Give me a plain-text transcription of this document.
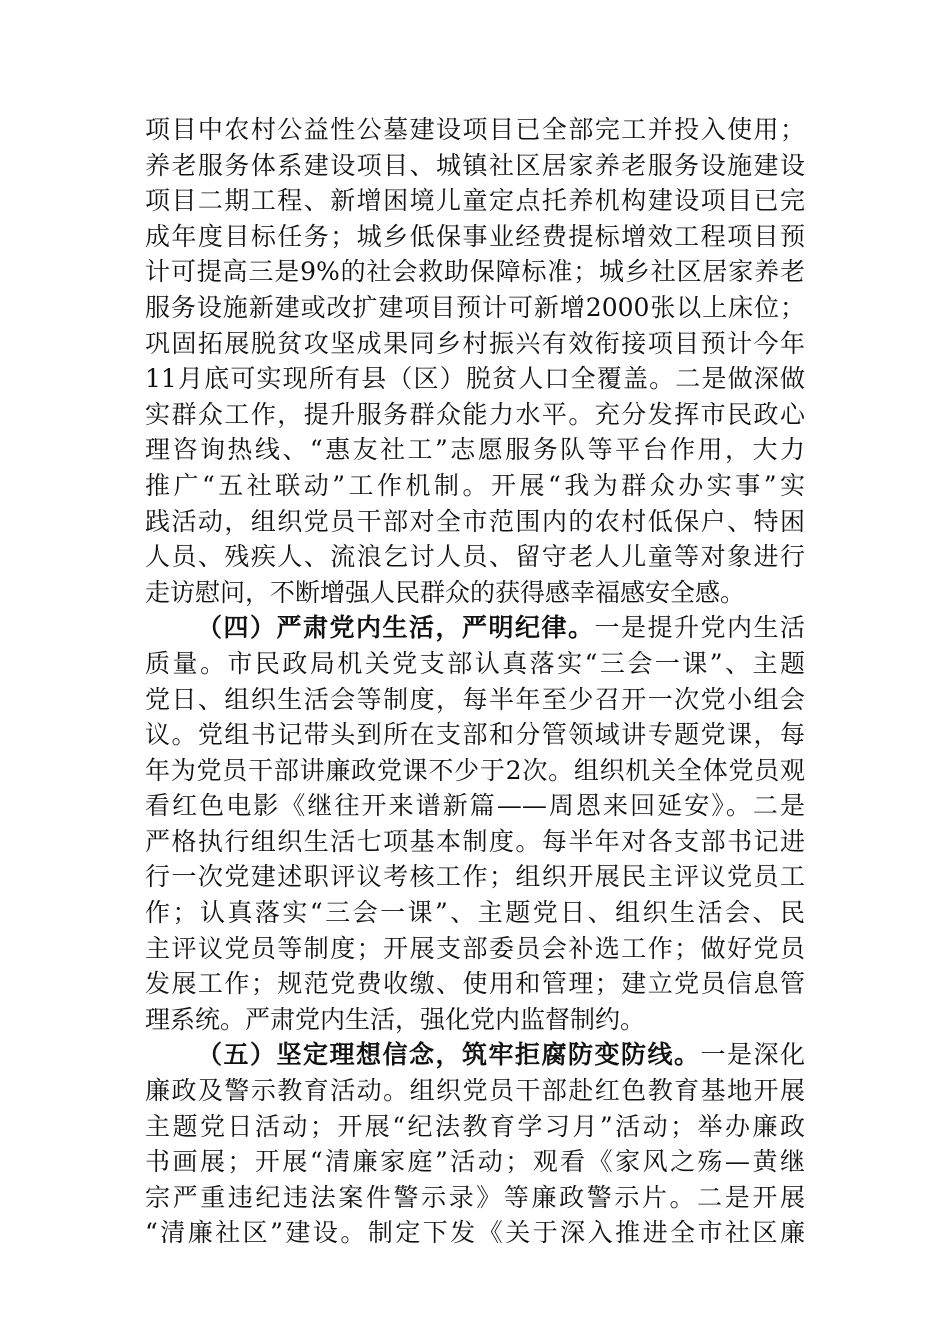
项目中农村公益性公墓建设项目已全部完工并投入使用；
养老服务体系建设项目、城镇社区居家养老服务设施建设
项目二期工程、新增困境儿童定点托养机构建设项目已完
成年度目标任务；城乡低保事业经费提标增效工程项目预
计可提高三是9%的社会救助保障标准；城乡社区居家养老
服务设施新建或改扩建项目预计可新增2000张以上床位；
巩固拓展脱贫攻坚成果同乡村振兴有效衔接项目预计今年
11月底可实现所有县（区）脱贫人口全覆盖。二是做深做
实群众工作，提升服务群众能力水平。充分发挥市民政心
理咨询热线、“惠友社工”志愿服务队等平台作用，大力
推广“五社联动”工作机制。开展“我为群众办实事”实
践活动，组织党员干部对全市范围内的农村低保户、特困
人员、残疾人、流浪乞讨人员、留守老人儿童等对象进行
走访慰问，不断增强人民群众的获得感幸福感安全感。
（四）严肃党内生活，严明纪律。一是提升党内生活
质量。市民政局机关党支部认真落实“三会一课”、主题
党日、组织生活会等制度，每半年至少召开一次党小组会
议。党组书记带头到所在支部和分管领域讲专题党课，每
年为党员干部讲廉政党课不少于2次。组织机关全体党员观
看红色电影《继往开来谱新篇——周恩来回延安》。二是
严格执行组织生活七项基本制度。每半年对各支部书记进
行一次党建述职评议考核工作；组织开展民主评议党员工
作；认真落实“三会一课”、主题党日、组织生活会、民
主评议党员等制度；开展支部委员会补选工作；做好党员
发展工作；规范党费收缴、使用和管理；建立党员信息管
理系统。严肃党内生活，强化党内监督制约。
（五）坚定理想信念，筑牢拒腐防变防线。一是深化
廉政及警示教育活动。组织党员干部赴红色教育基地开展
主题党日活动；开展“纪法教育学习月”活动；举办廉政
书画展；开展“清廉家庭”活动；观看《家风之殇—黄继
宗严重违纪违法案件警示录》等廉政警示片。二是开展
“清廉社区”建设。制定下发《关于深入推进全市社区廉
